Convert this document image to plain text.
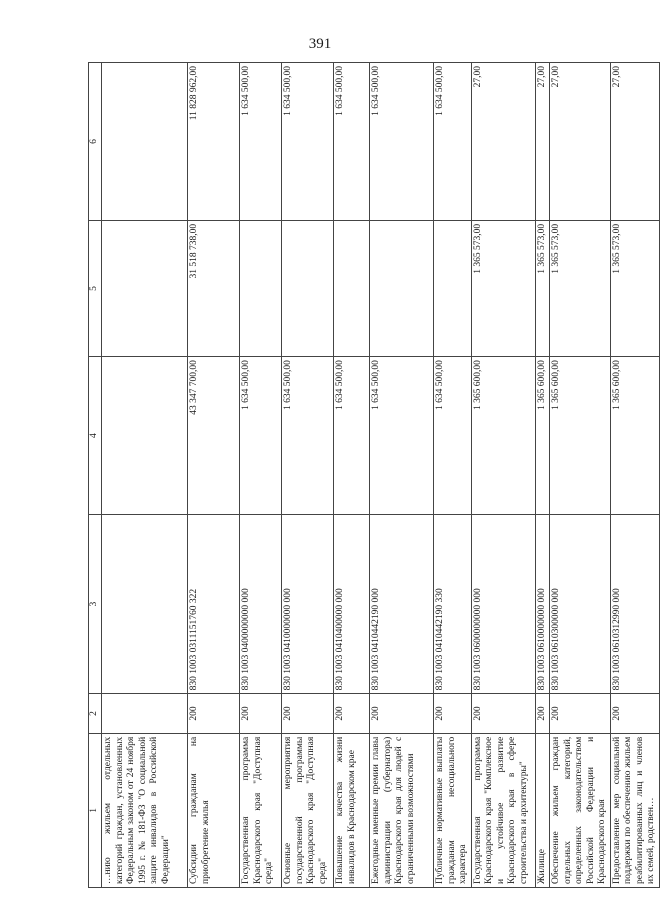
391
1	2	3	4	5	6
…нию жильем отдельных категорий граждан, установленных Федеральным законом от 24 ноября 1995 г. № 181-ФЗ "О социальной защите инвалидов в Российской Федерации"					
Субсидии гражданам на приобретение жилья	200	830 1003 0311151760 322	43 347 700,00	31 518 738,00	11 828 962,00
Государственная программа Краснодарского края "Доступная среда"	200	830 1003 0400000000 000	1 634 500,00		1 634 500,00
Основные мероприятия государственной программы Краснодарского края "Доступная среда"	200	830 1003 0410000000 000	1 634 500,00		1 634 500,00
Повышение качества жизни инвалидов в Краснодарском крае	200	830 1003 0410400000 000	1 634 500,00		1 634 500,00
Ежегодные именные премии главы администрации (губернатора) Краснодарского края для людей с ограниченными возможностями	200	830 1003 0410442190 000	1 634 500,00		1 634 500,00
Публичные нормативные выплаты гражданам несоциального характера	200	830 1003 0410442190 330	1 634 500,00		1 634 500,00
Государственная программа Краснодарского края "Комплексное и устойчивое развитие Краснодарского края в сфере строительства и архитектуры"	200	830 1003 0600000000 000	1 365 600,00	1 365 573,00	27,00
Жилище	200	830 1003 0610000000 000	1 365 600,00	1 365 573,00	27,00
Обеспечение жильем граждан отдельных категорий, определенных законодательством Российской Федерации и Краснодарского края	200	830 1003 0610300000 000	1 365 600,00	1 365 573,00	27,00
Предоставление мер социальной поддержки по обеспечению жильем реабилитированных лиц и членов их семей, родствен…	200	830 1003 0610312990 000	1 365 600,00	1 365 573,00	27,00
